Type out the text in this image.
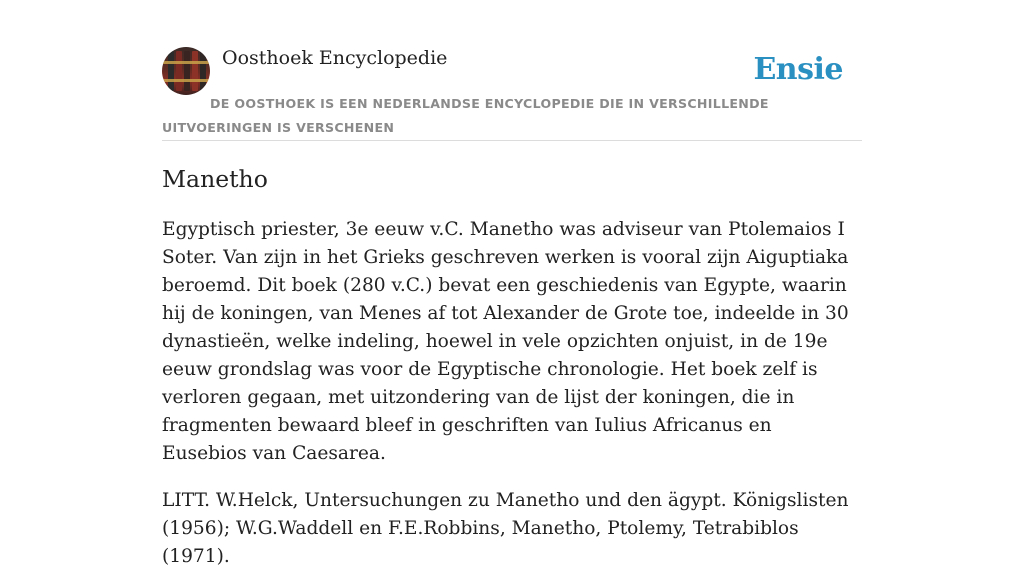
Oosthoek Encyclopedie	Ensie
DE OOSTHOEK IS EEN NEDERLANDSE ENCYCLOPEDIE DIE IN VERSCHILLENDE UITVOERINGEN IS VERSCHENEN
Manetho

Egyptisch priester, 3e eeuw v.C. Manetho was adviseur van Ptolemaios I Soter. Van zijn in het Grieks geschreven werken is vooral zijn Aiguptiaka beroemd. Dit boek (280 v.C.) bevat een geschiedenis van Egypte, waarin hij de koningen, van Menes af tot Alexander de Grote toe, indeelde in 30 dynastieën, welke indeling, hoewel in vele opzichten onjuist, in de 19e eeuw grondslag was voor de Egyptische chronologie. Het boek zelf is verloren gegaan, met uitzondering van de lijst der koningen, die in fragmenten bewaard bleef in geschriften van Iulius Africanus en Eusebios van Caesarea.

LITT. W.Helck, Untersuchungen zu Manetho und den ägypt. Königslisten (1956); W.G.Waddell en F.E.Robbins, Manetho, Ptolemy, Tetrabiblos (1971).
